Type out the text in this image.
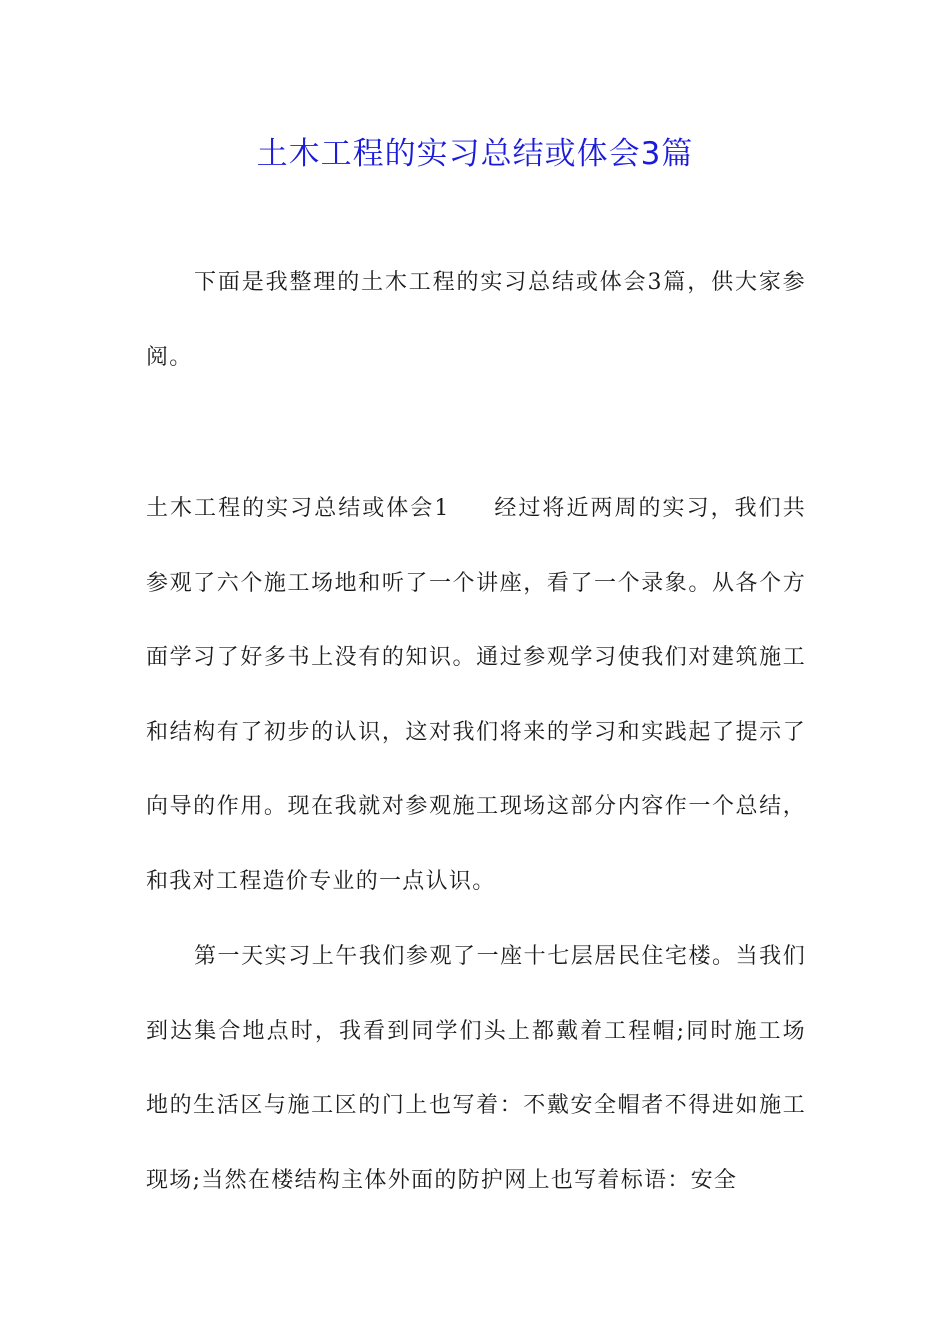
土木工程的实习总结或体会3篇

下面是我整理的土木工程的实习总结或体会3篇，供大家参阅。

土木工程的实习总结或体会1 经过将近两周的实习，我们共参观了六个施工场地和听了一个讲座，看了一个录象。从各个方面学习了好多书上没有的知识。通过参观学习使我们对建筑施工和结构有了初步的认识，这对我们将来的学习和实践起了提示了向导的作用。现在我就对参观施工现场这部分内容作一个总结，和我对工程造价专业的一点认识。

第一天实习上午我们参观了一座十七层居民住宅楼。当我们到达集合地点时，我看到同学们头上都戴着工程帽;同时施工场地的生活区与施工区的门上也写着：不戴安全帽者不得进如施工现场;当然在楼结构主体外面的防护网上也写着标语：安全
